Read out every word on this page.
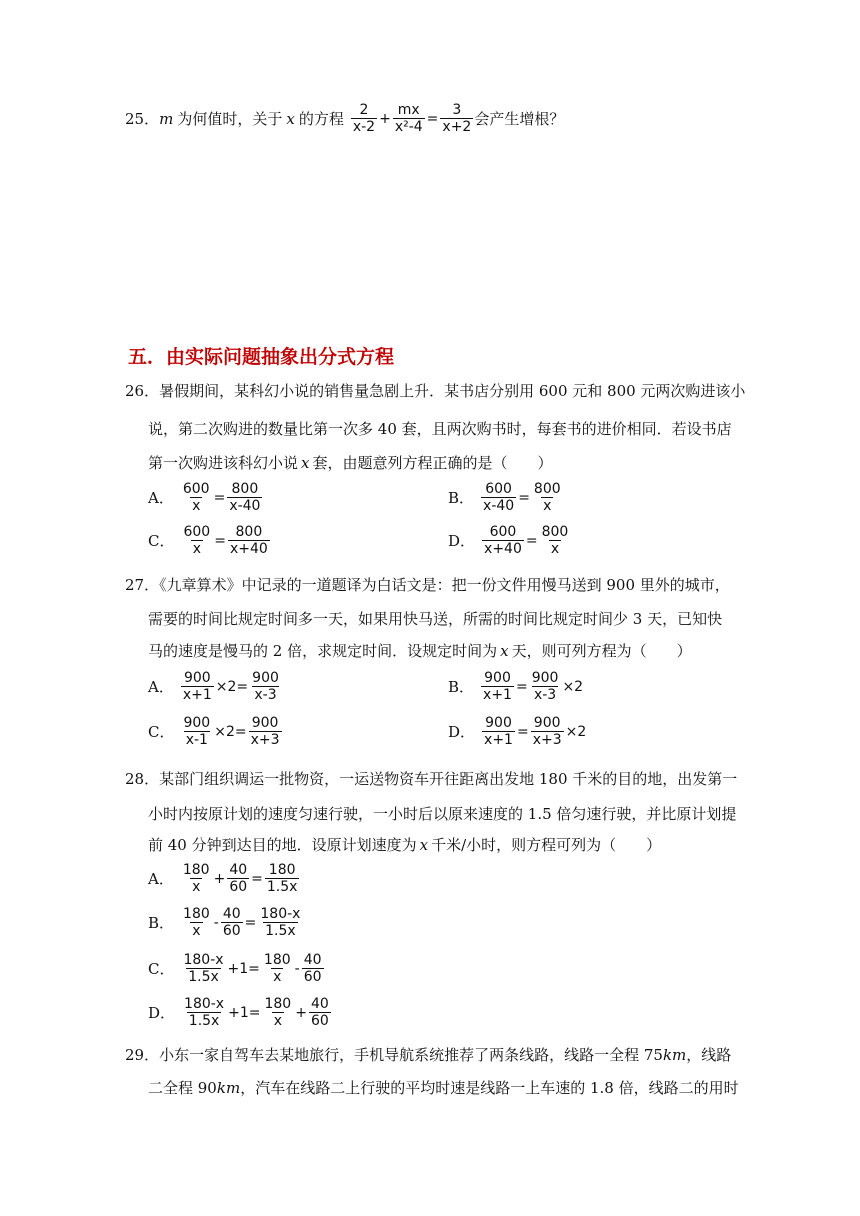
25． m 为何值时，关于 x 的方程 $\frac{2}{x-2} + \frac{mx}{\text{x²-4}} = \frac{3}{x+2}$ 会产生增根？
五．由实际问题抽象出分式方程
26．暑假期间，某科幻小说的销售量急剧上升．某书店分别用 600 元和 800 元两次购进该小
说，第二次购进的数量比第一次多 40 套，且两次购书时，每套书的进价相同．若设书店
第一次购进该科幻小说 x 套，由题意列方程正确的是（　　）
A． $\frac{600}{x} = \frac{800}{x-40}$	B． $\frac{600}{x-40} = \frac{800}{x}$
C． $\frac{600}{x} = \frac{800}{x+40}$	D． $\frac{600}{x+40} = \frac{800}{x}$
27．《九章算术》中记录的一道题译为白话文是：把一份文件用慢马送到 900 里外的城市，
需要的时间比规定时间多一天，如果用快马送，所需的时间比规定时间少 3 天，已知快
马的速度是慢马的 2 倍，求规定时间．设规定时间为 x 天，则可列方程为（　　）
A． $\frac{900}{x+1} \times 2= \frac{900}{x-3}$	B． $\frac{900}{x+1} = \frac{900}{x-3} \times 2$
C． $\frac{900}{x-1} \times 2= \frac{900}{x+3}$	D． $\frac{900}{x+1} = \frac{900}{x+3} \times 2$
28．某部门组织调运一批物资，一运送物资车开往距离出发地 180 千米的目的地，出发第一
小时内按原计划的速度匀速行驶，一小时后以原来速度的 1.5 倍匀速行驶，并比原计划提
前 40 分钟到达目的地．设原计划速度为 x 千米/小时，则方程可列为（　　）
A． $\frac{180}{x} + \frac{40}{60} = \frac{180}{1.5x}$
B． $\frac{180}{x} - \frac{40}{60} = \frac{180-x}{1.5x}$
C． $\frac{180-x}{1.5x} +1= \frac{180}{x} - \frac{40}{60}$
D． $\frac{180-x}{1.5x} +1= \frac{180}{x} + \frac{40}{60}$
29．小东一家自驾车去某地旅行，手机导航系统推荐了两条线路，线路一全程 75 km ，线路
二全程 90 km ，汽车在线路二上行驶的平均时速是线路一上车速的 1.8 倍，线路二的用时
